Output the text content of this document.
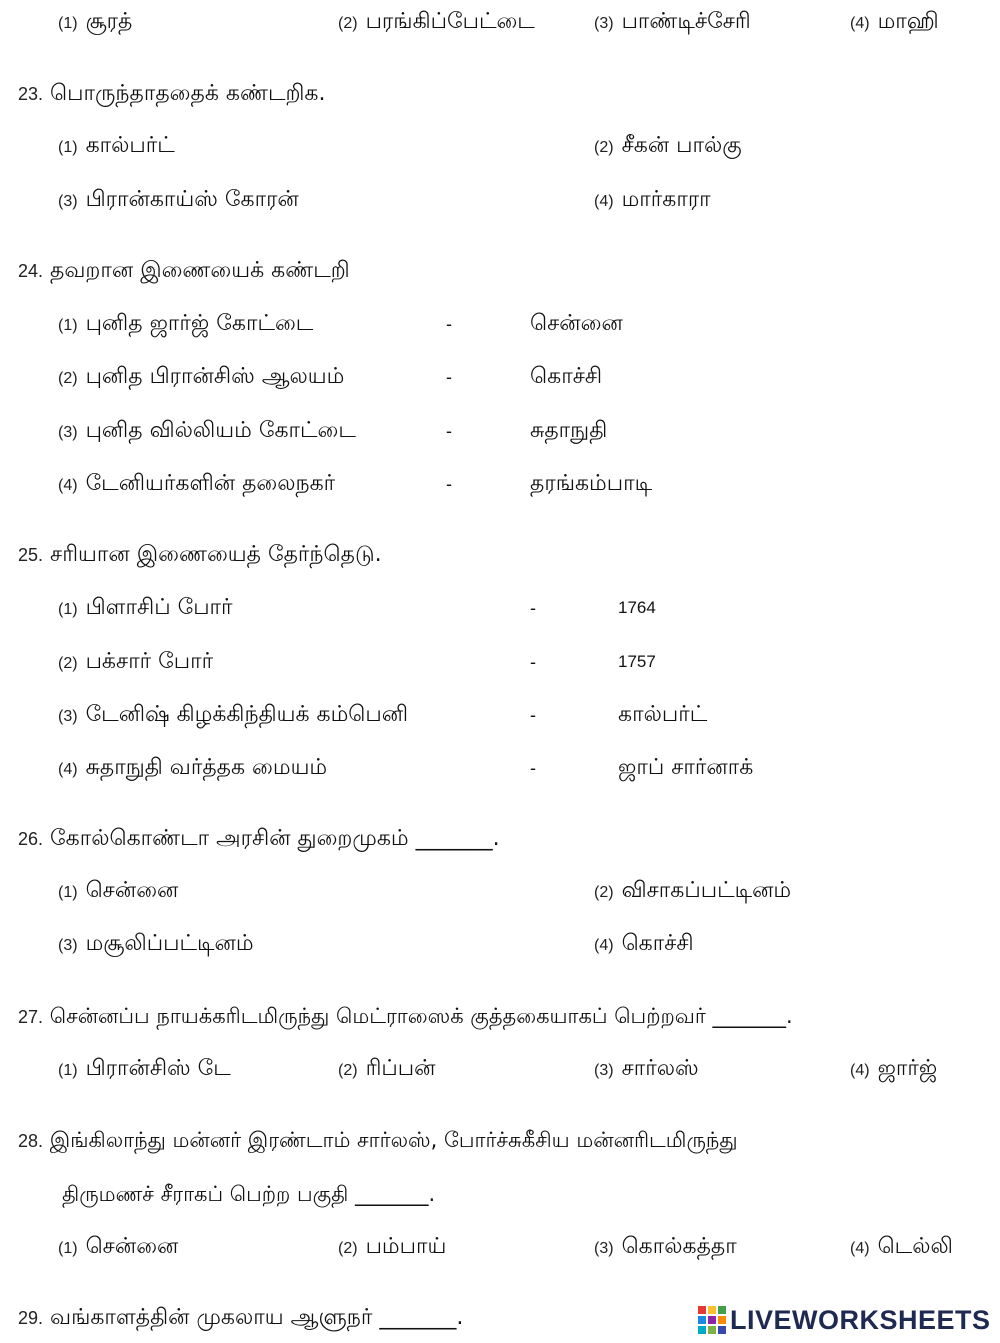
(1) சூரத்	(2) பரங்கிப்பேட்டை	(3) பாண்டிச்சேரி	(4) மாஹி
23. பொருந்தாததைக் கண்டறிக.
(1) கால்பர்ட்	(2) சீகன் பால்கு
(3) பிரான்காய்ஸ் கோரன்	(4) மார்காரா
24. தவறான இணையைக் கண்டறி
(1) புனித ஜார்ஜ் கோட்டை	-	சென்னை
(2) புனித பிரான்சிஸ் ஆலயம்	-	கொச்சி
(3) புனித வில்லியம் கோட்டை	-	சுதாநுதி
(4) டேனியர்களின் தலைநகர்	-	தரங்கம்பாடி
25. சரியான இணையைத் தேர்ந்தெடு.
(1) பிளாசிப் போர்	-	1764
(2) பக்சார் போர்	-	1757
(3) டேனிஷ் கிழக்கிந்தியக் கம்பெனி	-	கால்பர்ட்
(4) சுதாநுதி வர்த்தக மையம்	-	ஜாப் சார்னாக்
26. கோல்கொண்டா அரசின் துறைமுகம் _______.
(1) சென்னை	(2) விசாகப்பட்டினம்
(3) மசூலிப்பட்டினம்	(4) கொச்சி
27. சென்னப்ப நாயக்கரிடமிருந்து மெட்ராஸைக் குத்தகையாகப் பெற்றவர் _______.
(1) பிரான்சிஸ் டே	(2) ரிப்பன்	(3) சார்லஸ்	(4) ஜார்ஜ்
28. இங்கிலாந்து மன்னர் இரண்டாம் சார்லஸ், போர்ச்சுகீசிய மன்னரிடமிருந்து
திருமணச் சீராகப் பெற்ற பகுதி _______.
(1) சென்னை	(2) பம்பாய்	(3) கொல்கத்தா	(4) டெல்லி
29. வங்காளத்தின் முகலாய ஆளுநர் _______.	LIVEWORKSHEETS
